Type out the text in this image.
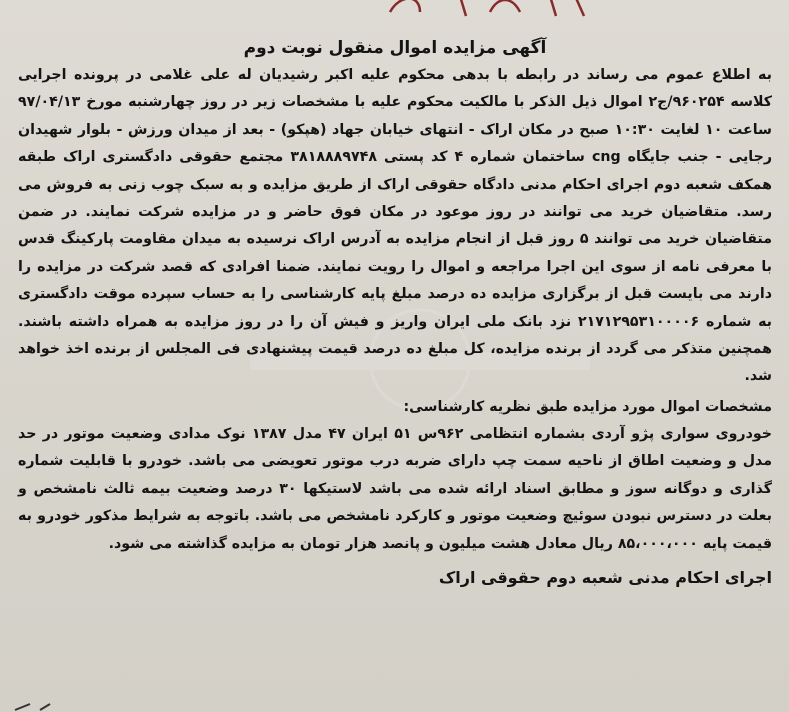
آگهی مزایده اموال منقول نوبت دوم

به اطلاع عموم می رساند در رابطه با بدهی محکوم علیه اکبر رشیدیان له علی غلامی در پرونده اجرایی کلاسه ۹۶۰۲۵۴/ج۲ اموال ذیل الذکر با مالکیت محکوم علیه با مشخصات زیر در روز چهارشنبه مورخ ۹۷/۰۴/۱۳ ساعت ۱۰ لغایت ۱۰:۳۰ صبح در مکان اراک - انتهای خیابان جهاد (هپکو) - بعد از میدان ورزش - بلوار شهیدان رجایی - جنب جایگاه cng ساختمان شماره ۴ کد پستی ۳۸۱۸۸۸۹۷۴۸ مجتمع حقوقی دادگستری اراک طبقه همکف شعبه دوم اجرای احکام مدنی دادگاه حقوقی اراک از طریق مزایده و به سبک چوب زنی به فروش می رسد. متقاضیان خرید می توانند در روز موعود در مکان فوق حاضر و در مزایده شرکت نمایند. در ضمن متقاضیان خرید می توانند ۵ روز قبل از انجام مزایده به آدرس اراک نرسیده به میدان مقاومت پارکینگ قدس با معرفی نامه از سوی این اجرا مراجعه و اموال را رویت نمایند. ضمنا افرادی که قصد شرکت در مزایده را دارند می بایست قبل از برگزاری مزایده ده درصد مبلغ پایه کارشناسی را به حساب سپرده موقت دادگستری به شماره ۲۱۷۱۲۹۵۳۱۰۰۰۰۶ نزد بانک ملی ایران واریز و فیش آن را در روز مزایده به همراه داشته باشند. همچنین متذکر می گردد از برنده مزایده، کل مبلغ ده درصد قیمت پیشنهادی فی المجلس از برنده اخذ خواهد شد.

مشخصات اموال مورد مزایده طبق نظریه کارشناسی:

خودروی سواری پژو آردی بشماره انتظامی ۹۶۲س ۵۱ ایران ۴۷ مدل ۱۳۸۷ نوک مدادی وضعیت موتور در حد مدل و وضعیت اطاق از ناحیه سمت چپ دارای ضربه درب موتور تعویضی می باشد. خودرو با قابلیت شماره گذاری و دوگانه سوز و مطابق اسناد ارائه شده می باشد لاستیکها ۳۰ درصد وضعیت بیمه ثالث نامشخص و بعلت در دسترس نبودن سوئیچ وضعیت موتور و کارکرد نامشخص می باشد. باتوجه به شرایط مذکور خودرو به قیمت پایه ۸۵،۰۰۰،۰۰۰ ریال معادل هشت میلیون و پانصد هزار تومان به مزایده گذاشته می شود.

اجرای احکام مدنی شعبه دوم حقوقی اراک
